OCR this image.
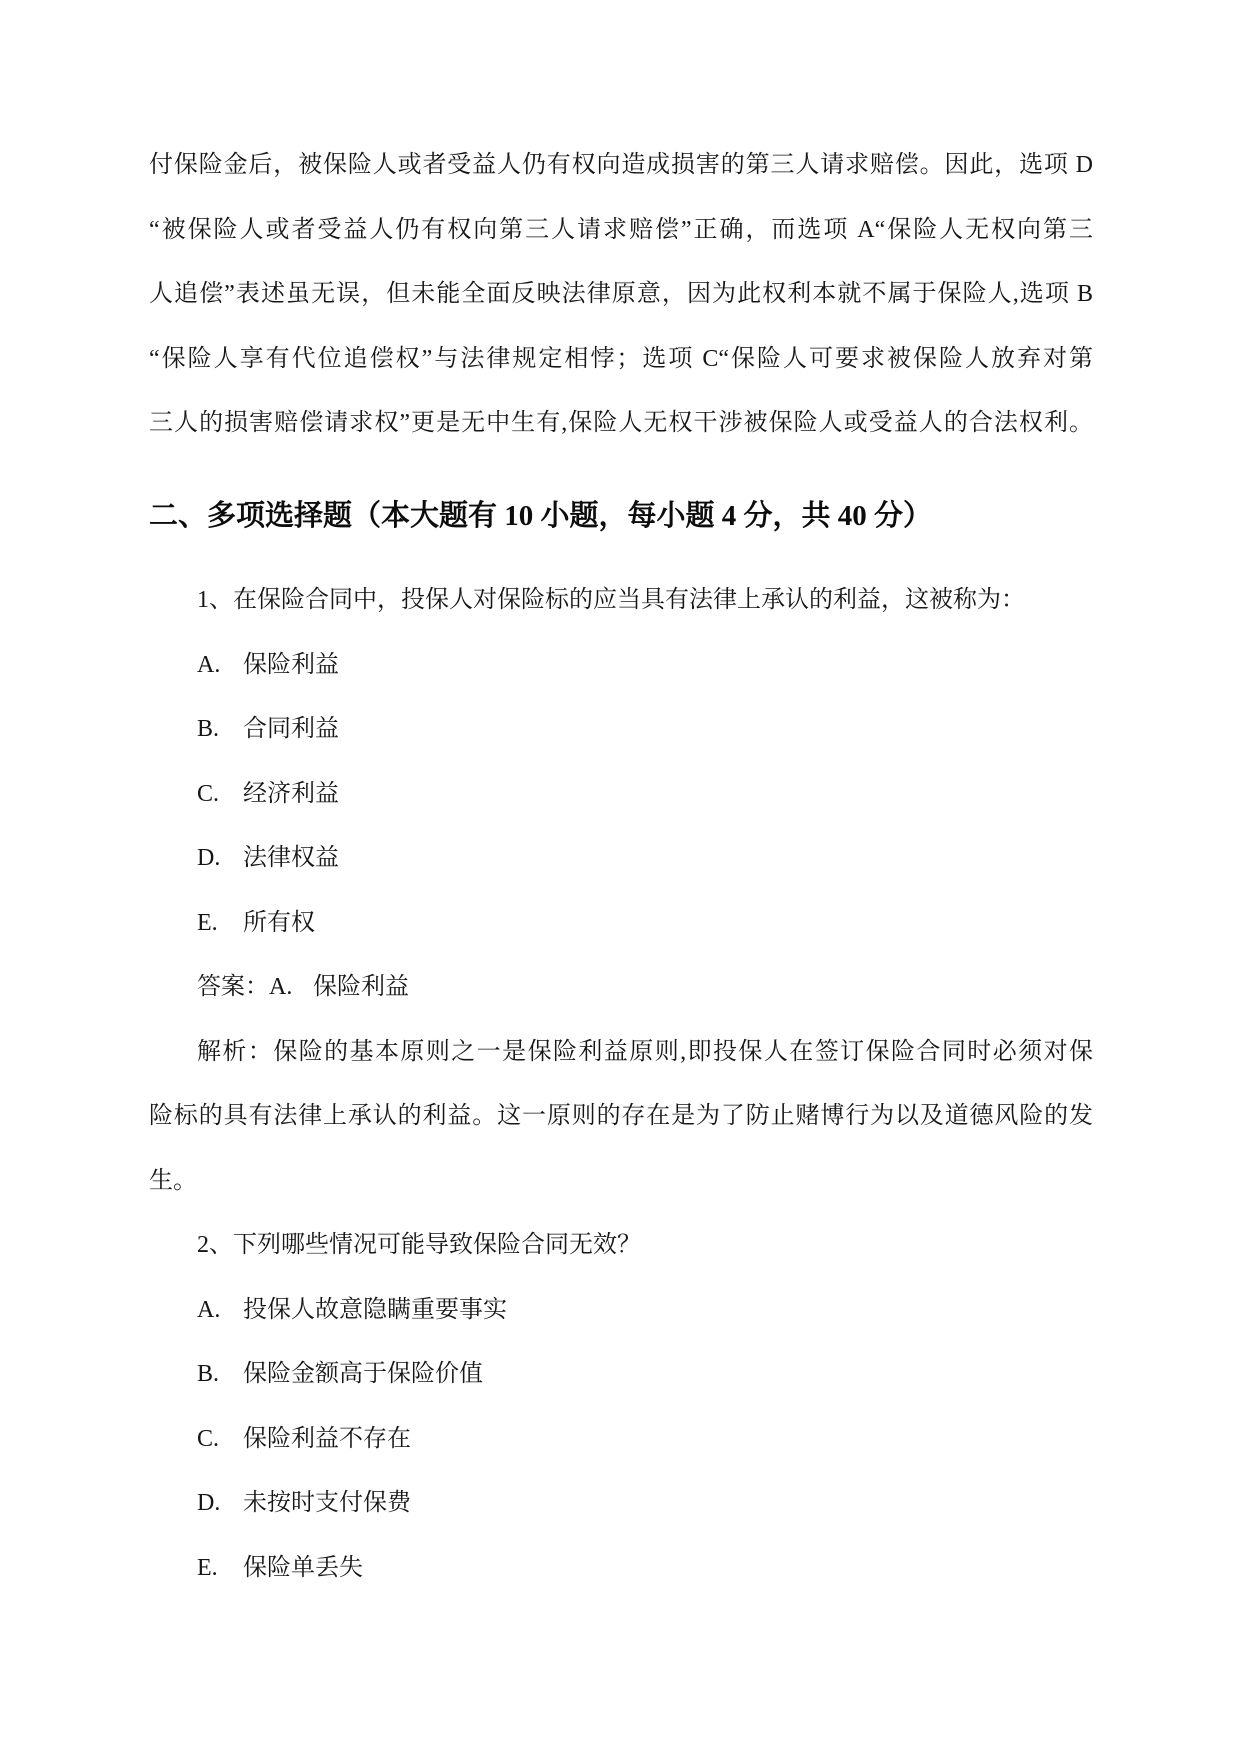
付保险金后，被保险人或者受益人仍有权向造成损害的第三人请求赔偿。因此，选项 D
“被保险人或者受益人仍有权向第三人请求赔偿”正确，而选项 A“保险人无权向第三
人追偿”表述虽无误，但未能全面反映法律原意，因为此权利本就不属于保险人,选项 B
“保险人享有代位追偿权”与法律规定相悖；选项 C“保险人可要求被保险人放弃对第
三人的损害赔偿请求权”更是无中生有,保险人无权干涉被保险人或受益人的合法权利。
二、多项选择题（本大题有 10 小题，每小题 4 分，共 40 分）
1、在保险合同中，投保人对保险标的应当具有法律上承认的利益，这被称为：
A. 保险利益
B. 合同利益
C. 经济利益
D. 法律权益
E. 所有权
答案：A. 保险利益
解析：保险的基本原则之一是保险利益原则,即投保人在签订保险合同时必须对保
险标的具有法律上承认的利益。这一原则的存在是为了防止赌博行为以及道德风险的发
生。
2、下列哪些情况可能导致保险合同无效？
A. 投保人故意隐瞒重要事实
B. 保险金额高于保险价值
C. 保险利益不存在
D. 未按时支付保费
E. 保险单丢失
